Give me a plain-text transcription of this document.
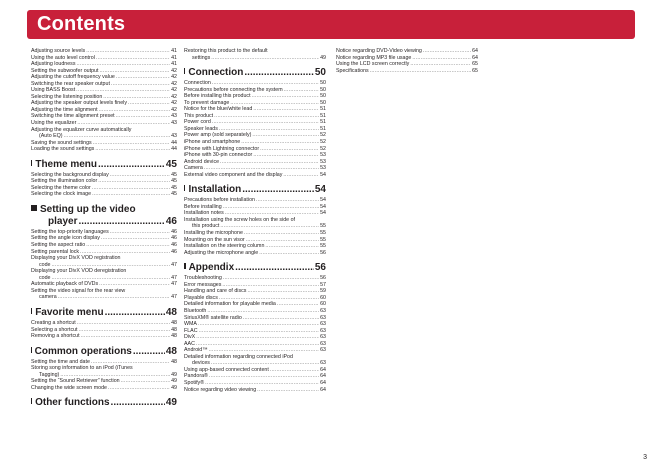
Contents
Adjusting source levels .....	41
Using the auto level control .....	41
Adjusting loudness .....	41
Setting the subwoofer output .....	42
Adjusting the cutoff frequency value .....	42
Switching the rear speaker output .....	42
Using BASS Boost .....	42
Selecting the listening position .....	42
Adjusting the speaker output levels finely .....	42
Adjusting the time alignment .....	42
Switching the time alignment preset .....	43
Using the equalizer .....	43
Adjusting the equalizer curve automatically
(Auto EQ) .....	43
Saving the sound settings .....	44
Loading the sound settings .....	44
Theme menu .....	45
Selecting the background display .....	45
Setting the illumination color .....	45
Selecting the theme color .....	45
Selecting the clock image .....	45
Setting up the video
player .....	46
Setting the top-priority languages .....	46
Setting the angle icon display .....	46
Setting the aspect ratio .....	46
Setting parental lock .....	46
Displaying your DivX VOD registration
code .....	47
Displaying your DivX VOD deregistration
code .....	47
Automatic playback of DVDs .....	47
Setting the video signal for the rear view
camera .....	47
Favorite menu .....	48
Creating a shortcut .....	48
Selecting a shortcut .....	48
Removing a shortcut .....	48
Common operations .....	48
Setting the time and date .....	48
Storing song information to an iPod (iTunes
Tagging) .....	49
Setting the “Sound Retriever” function .....	49
Changing the wide screen mode .....	49
Other functions .....	49
Restoring this product to the default
settings .....	49
Connection .....	50
Connection .....	50
Precautions before connecting the system .....	50
Before installing this product .....	50
To prevent damage .....	50
Notice for the blue/white lead .....	51
This product .....	51
Power cord .....	51
Speaker leads .....	51
Power amp (sold separately) .....	52
iPhone and smartphone .....	52
iPhone with Lightning connector .....	52
iPhone with 30-pin connector .....	53
Android device .....	53
Camera .....	53
External video component and the display .....	54
Installation .....	54
Precautions before installation .....	54
Before installing .....	54
Installation notes .....	54
Installation using the screw holes on the side of
this product .....	55
Installing the microphone .....	55
Mounting on the sun visor .....	55
Installation on the steering column .....	55
Adjusting the microphone angle .....	56
Appendix .....	56
Troubleshooting .....	56
Error messages .....	57
Handling and care of discs .....	59
Playable discs .....	60
Detailed information for playable media .....	60
Bluetooth .....	63
SiriusXM® satellite radio .....	63
WMA .....	63
FLAC .....	63
DivX .....	63
AAC .....	63
Android™ .....	63
Detailed information regarding connected iPod
devices .....	63
Using app-based connected content .....	64
Pandora® .....	64
Spotify® .....	64
Notice regarding video viewing .....	64
Notice regarding DVD-Video viewing .....	64
Notice regarding MP3 file usage .....	64
Using the LCD screen correctly .....	65
Specifications .....	65
3
